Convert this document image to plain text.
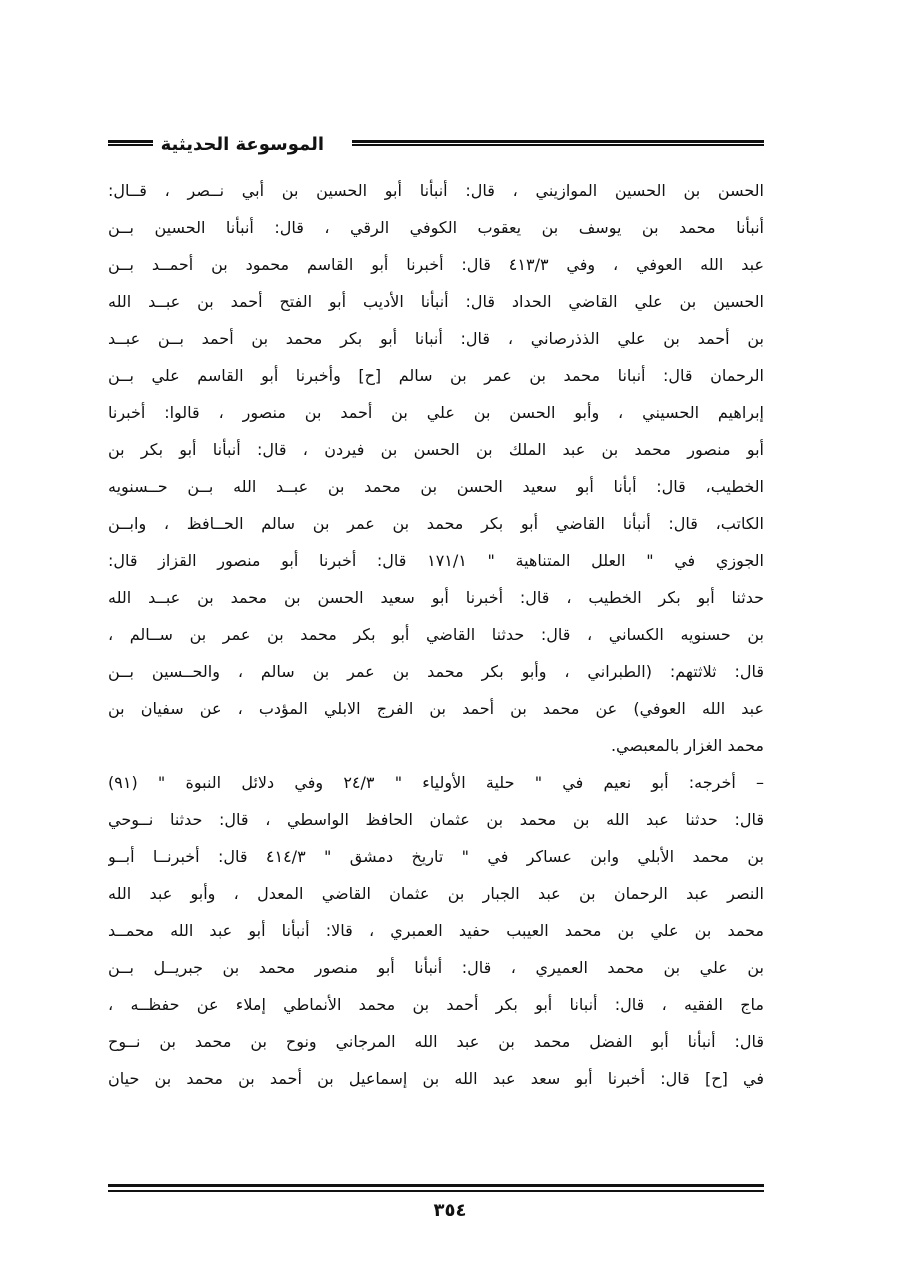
الموسوعة الحديثية
الحسن بن الحسين الموازيني ، قال: أنبأنا أبو الحسين بن أبي نــصر ، قــال:
أنبأنا محمد بن يوسف بن يعقوب الكوفي الرقي ، قال: أنبأنا الحسين بــن
عبد الله العوفي ، وفي ٤١٣/٣ قال: أخبرنا أبو القاسم محمود بن أحمــد بــن
الحسين بن علي القاضي الحداد قال: أنبأنا الأديب أبو الفتح أحمد بن عبــد الله
بن أحمد بن علي الذذرصاني ، قال: أنبانا أبو بكر محمد بن أحمد بــن عبــد
الرحمان قال: أنبانا محمد بن عمر بن سالم [ح] وأخبرنا أبو القاسم علي بــن
إبراهيم الحسيني ، وأبو الحسن بن علي بن أحمد بن منصور ، قالوا: أخبرنا
أبو منصور محمد بن عبد الملك بن الحسن بن فيردن ، قال: أنبأنا أبو بكر بن
الخطيب، قال: أبأنا أبو سعيد الحسن بن محمد بن عبــد الله بــن حــسنويه
الكاتب، قال: أنبأنا القاضي أبو بكر محمد بن عمر بن سالم الحــافظ ، وابــن
الجوزي في " العلل المتناهية " ١٧١/١ قال: أخبرنا أبو منصور القزاز قال:
حدثنا أبو بكر الخطيب ، قال: أخبرنا أبو سعيد الحسن بن محمد بن عبــد الله
بن حسنويه الكساني ، قال: حدثنا القاضي أبو بكر محمد بن عمر بن ســالم ،
قال: ثلاثتهم: (الطبراني ، وأبو بكر محمد بن عمر بن سالم ، والحــسين بــن
عبد الله العوفي) عن محمد بن أحمد بن الفرج الابلي المؤدب ، عن سفيان بن
محمد الغزار بالمعبصي.
– أخرجه: أبو نعيم في " حلية الأولياء " ٢٤/٣ وفي دلائل النبوة " (٩١)
قال: حدثنا عبد الله بن محمد بن عثمان الحافظ الواسطي ، قال: حدثنا نــوحي
بن محمد الأبلي وابن عساكر في " تاريخ دمشق " ٤١٤/٣ قال: أخبرنــا أبــو
النصر عبد الرحمان بن عبد الجبار بن عثمان القاضي المعدل ، وأبو عبد الله
محمد بن علي بن محمد العيبب حفيد العمبري ، قالا: أنبأنا أبو عبد الله محمــد
بن علي بن محمد العميري ، قال: أنبأنا أبو منصور محمد بن جبريــل بــن
ماج الفقيه ، قال: أنبانا أبو بكر أحمد بن محمد الأنماطي إملاء عن حفظــه ،
قال: أنبأنا أبو الفضل محمد بن عبد الله المرجاني ونوح بن محمد بن نــوح
في [ح] قال: أخبرنا أبو سعد عبد الله بن إسماعيل بن أحمد بن محمد بن حيان
٣٥٤
